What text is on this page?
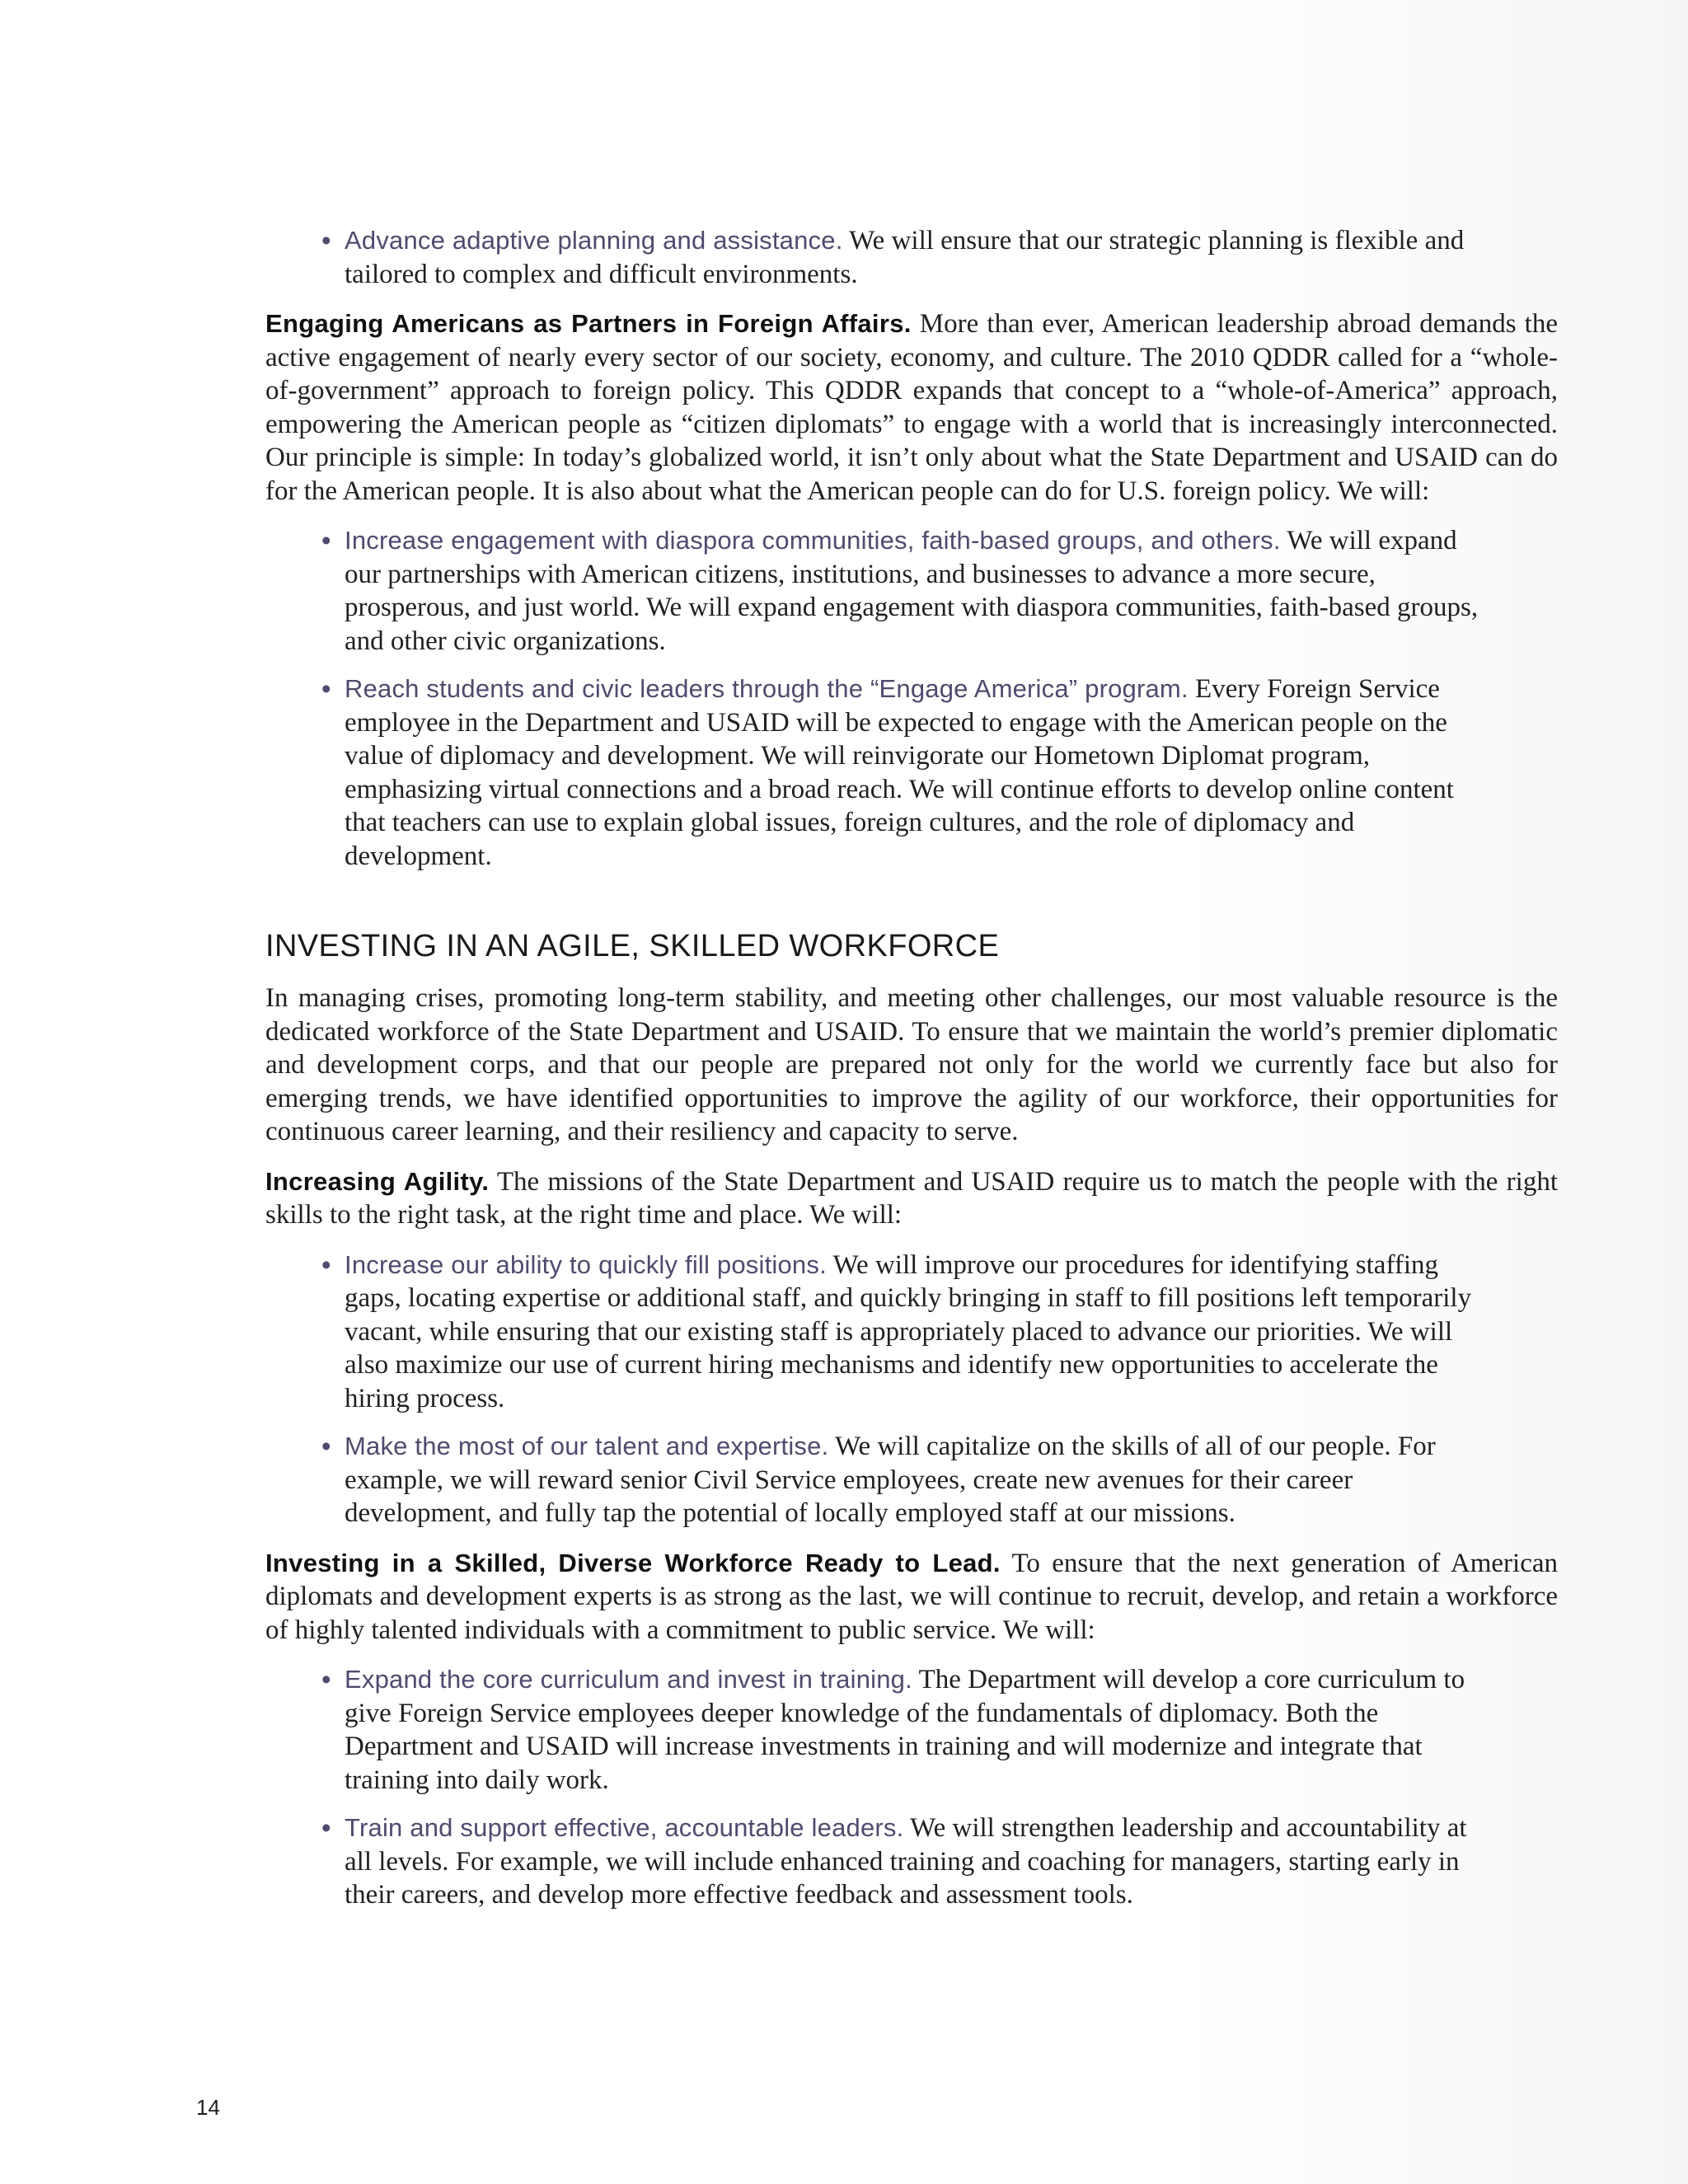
• Advance adaptive planning and assistance. We will ensure that our strategic planning is flexible and tailored to complex and difficult environments.

Engaging Americans as Partners in Foreign Affairs. More than ever, American leadership abroad demands the active engagement of nearly every sector of our society, economy, and culture. The 2010 QDDR called for a “whole-of-government” approach to foreign policy. This QDDR expands that concept to a “whole-of-America” approach, empowering the American people as “citizen diplomats” to engage with a world that is increasingly interconnected. Our principle is simple: In today’s globalized world, it isn’t only about what the State Department and USAID can do for the American people. It is also about what the American people can do for U.S. foreign policy. We will:

• Increase engagement with diaspora communities, faith-based groups, and others. We will expand our partnerships with American citizens, institutions, and businesses to advance a more secure, prosperous, and just world. We will expand engagement with diaspora communities, faith-based groups, and other civic organizations.
• Reach students and civic leaders through the “Engage America” program. Every Foreign Service employee in the Department and USAID will be expected to engage with the American people on the value of diplomacy and development. We will reinvigorate our Hometown Diplomat program, emphasizing virtual connections and a broad reach. We will continue efforts to develop online content that teachers can use to explain global issues, foreign cultures, and the role of diplomacy and development.
INVESTING IN AN AGILE, SKILLED WORKFORCE

In managing crises, promoting long-term stability, and meeting other challenges, our most valuable resource is the dedicated workforce of the State Department and USAID. To ensure that we maintain the world’s premier diplomatic and development corps, and that our people are prepared not only for the world we currently face but also for emerging trends, we have identified opportunities to improve the agility of our workforce, their opportunities for continuous career learning, and their resiliency and capacity to serve.

Increasing Agility. The missions of the State Department and USAID require us to match the people with the right skills to the right task, at the right time and place. We will:

• Increase our ability to quickly fill positions. We will improve our procedures for identifying staffing gaps, locating expertise or additional staff, and quickly bringing in staff to fill positions left temporarily vacant, while ensuring that our existing staff is appropriately placed to advance our priorities. We will also maximize our use of current hiring mechanisms and identify new opportunities to accelerate the hiring process.
• Make the most of our talent and expertise. We will capitalize on the skills of all of our people. For example, we will reward senior Civil Service employees, create new avenues for their career development, and fully tap the potential of locally employed staff at our missions.

Investing in a Skilled, Diverse Workforce Ready to Lead. To ensure that the next generation of American diplomats and development experts is as strong as the last, we will continue to recruit, develop, and retain a workforce of highly talented individuals with a commitment to public service. We will:

• Expand the core curriculum and invest in training. The Department will develop a core curriculum to give Foreign Service employees deeper knowledge of the fundamentals of diplomacy. Both the Department and USAID will increase investments in training and will modernize and integrate that training into daily work.
• Train and support effective, accountable leaders. We will strengthen leadership and accountability at all levels. For example, we will include enhanced training and coaching for managers, starting early in their careers, and develop more effective feedback and assessment tools.
14
